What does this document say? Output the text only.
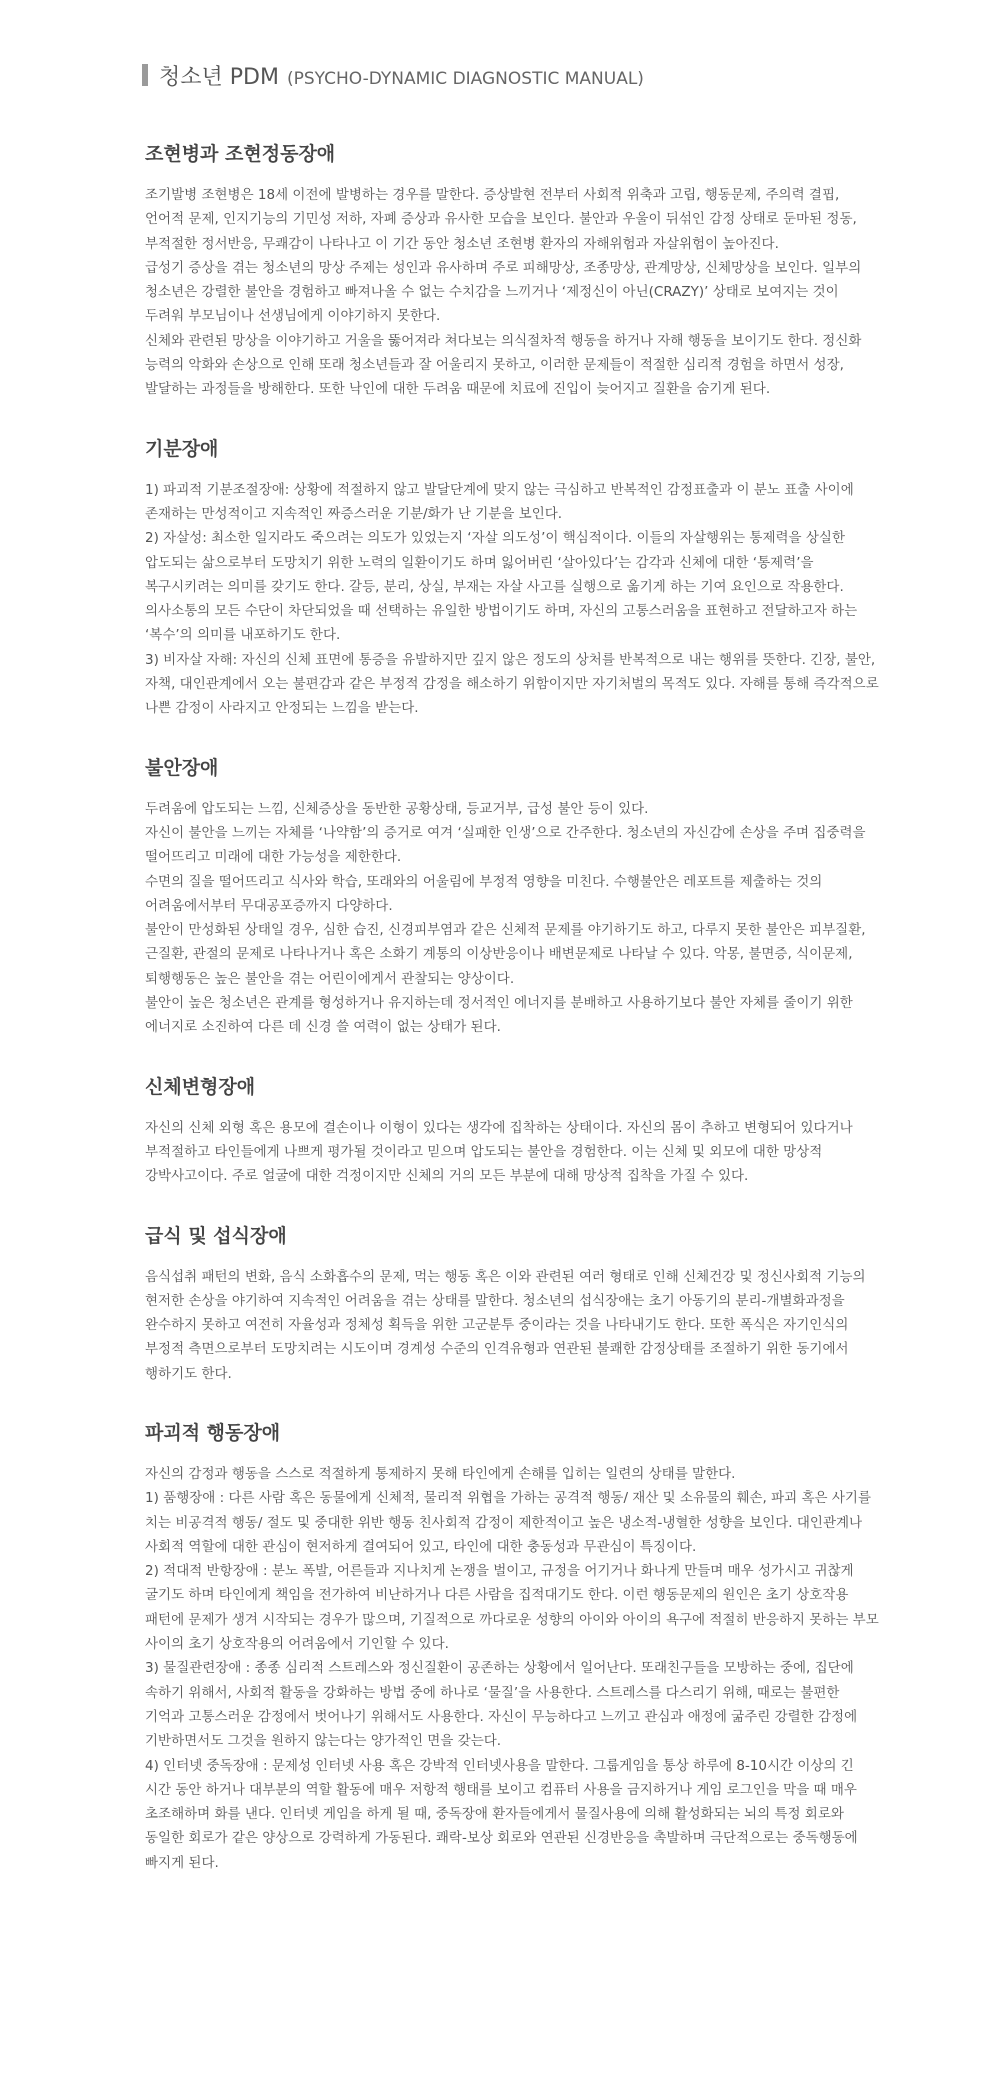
청소년 PDM (PSYCHO-DYNAMIC DIAGNOSTIC MANUAL)
조현병과 조현정동장애

조기발병 조현병은 18세 이전에 발병하는 경우를 말한다. 증상발현 전부터 사회적 위축과 고립, 행동문제, 주의력 결핍, 언어적 문제, 인지기능의 기민성 저하, 자폐 증상과 유사한 모습을 보인다. 불안과 우울이 뒤섞인 감정 상태로 둔마된 정동, 부적절한 정서반응, 무쾌감이 나타나고 이 기간 동안 청소년 조현병 환자의 자해위험과 자살위험이 높아진다.

급성기 증상을 겪는 청소년의 망상 주제는 성인과 유사하며 주로 피해망상, 조종망상, 관계망상, 신체망상을 보인다. 일부의 청소년은 강렬한 불안을 경험하고 빠져나올 수 없는 수치감을 느끼거나 ‘제정신이 아닌(CRAZY)’ 상태로 보여지는 것이 두려워 부모님이나 선생님에게 이야기하지 못한다.

신체와 관련된 망상을 이야기하고 거울을 뚫어져라 쳐다보는 의식절차적 행동을 하거나 자해 행동을 보이기도 한다. 정신화 능력의 악화와 손상으로 인해 또래 청소년들과 잘 어울리지 못하고, 이러한 문제들이 적절한 심리적 경험을 하면서 성장, 발달하는 과정들을 방해한다. 또한 낙인에 대한 두려움 때문에 치료에 진입이 늦어지고 질환을 숨기게 된다.

기분장애

1) 파괴적 기분조절장애: 상황에 적절하지 않고 발달단계에 맞지 않는 극심하고 반복적인 감정표출과 이 분노 표출 사이에 존재하는 만성적이고 지속적인 짜증스러운 기분/화가 난 기분을 보인다.

2) 자살성: 최소한 일지라도 죽으려는 의도가 있었는지 ‘자살 의도성’이 핵심적이다. 이들의 자살행위는 통제력을 상실한 압도되는 삶으로부터 도망치기 위한 노력의 일환이기도 하며 잃어버린 ‘살아있다’는 감각과 신체에 대한 ‘통제력’을 복구시키려는 의미를 갖기도 한다. 갈등, 분리, 상실, 부재는 자살 사고를 실행으로 옮기게 하는 기여 요인으로 작용한다.

의사소통의 모든 수단이 차단되었을 때 선택하는 유일한 방법이기도 하며, 자신의 고통스러움을 표현하고 전달하고자 하는 ‘복수’의 의미를 내포하기도 한다.

3) 비자살 자해: 자신의 신체 표면에 통증을 유발하지만 깊지 않은 정도의 상처를 반복적으로 내는 행위를 뜻한다. 긴장, 불안, 자책, 대인관계에서 오는 불편감과 같은 부정적 감정을 해소하기 위함이지만 자기처벌의 목적도 있다. 자해를 통해 즉각적으로 나쁜 감정이 사라지고 안정되는 느낌을 받는다.

불안장애

두려움에 압도되는 느낌, 신체증상을 동반한 공황상태, 등교거부, 급성 불안 등이 있다.

자신이 불안을 느끼는 자체를 ‘나약함’의 증거로 여겨 ‘실패한 인생’으로 간주한다. 청소년의 자신감에 손상을 주며 집중력을 떨어뜨리고 미래에 대한 가능성을 제한한다.

수면의 질을 떨어뜨리고 식사와 학습, 또래와의 어울림에 부정적 영향을 미친다. 수행불안은 레포트를 제출하는 것의 어려움에서부터 무대공포증까지 다양하다.

불안이 만성화된 상태일 경우, 심한 습진, 신경피부염과 같은 신체적 문제를 야기하기도 하고, 다루지 못한 불안은 피부질환, 근질환, 관절의 문제로 나타나거나 혹은 소화기 계통의 이상반응이나 배변문제로 나타날 수 있다. 악몽, 불면증, 식이문제, 퇴행행동은 높은 불안을 겪는 어린이에게서 관찰되는 양상이다.

불안이 높은 청소년은 관계를 형성하거나 유지하는데 정서적인 에너지를 분배하고 사용하기보다 불안 자체를 줄이기 위한 에너지로 소진하여 다른 데 신경 쓸 여력이 없는 상태가 된다.

신체변형장애

자신의 신체 외형 혹은 용모에 결손이나 이형이 있다는 생각에 집착하는 상태이다. 자신의 몸이 추하고 변형되어 있다거나 부적절하고 타인들에게 나쁘게 평가될 것이라고 믿으며 압도되는 불안을 경험한다. 이는 신체 및 외모에 대한 망상적 강박사고이다. 주로 얼굴에 대한 걱정이지만 신체의 거의 모든 부분에 대해 망상적 집착을 가질 수 있다.

급식 및 섭식장애

음식섭취 패턴의 변화, 음식 소화흡수의 문제, 먹는 행동 혹은 이와 관련된 여러 형태로 인해 신체건강 및 정신사회적 기능의 현저한 손상을 야기하여 지속적인 어려움을 겪는 상태를 말한다. 청소년의 섭식장애는 초기 아동기의 분리-개별화과정을 완수하지 못하고 여전히 자율성과 정체성 획득을 위한 고군분투 중이라는 것을 나타내기도 한다. 또한 폭식은 자기인식의 부정적 측면으로부터 도망치려는 시도이며 경계성 수준의 인격유형과 연관된 불쾌한 감정상태를 조절하기 위한 동기에서 행하기도 한다.

파괴적 행동장애

자신의 감정과 행동을 스스로 적절하게 통제하지 못해 타인에게 손해를 입히는 일련의 상태를 말한다.

1) 품행장애 : 다른 사람 혹은 동물에게 신체적, 물리적 위협을 가하는 공격적 행동/ 재산 및 소유물의 훼손, 파괴 혹은 사기를 치는 비공격적 행동/ 절도 및 중대한 위반 행동 친사회적 감정이 제한적이고 높은 냉소적-냉혈한 성향을 보인다. 대인관계나 사회적 역할에 대한 관심이 현저하게 결여되어 있고, 타인에 대한 충동성과 무관심이 특징이다.

2) 적대적 반항장애 : 분노 폭발, 어른들과 지나치게 논쟁을 벌이고, 규정을 어기거나 화나게 만들며 매우 성가시고 귀찮게 굴기도 하며 타인에게 책임을 전가하여 비난하거나 다른 사람을 집적대기도 한다. 이런 행동문제의 원인은 초기 상호작용 패턴에 문제가 생겨 시작되는 경우가 많으며, 기질적으로 까다로운 성향의 아이와 아이의 욕구에 적절히 반응하지 못하는 부모 사이의 초기 상호작용의 어려움에서 기인할 수 있다.

3) 물질관련장애 : 종종 심리적 스트레스와 정신질환이 공존하는 상황에서 일어난다. 또래친구들을 모방하는 중에, 집단에 속하기 위해서, 사회적 활동을 강화하는 방법 중에 하나로 ‘물질’을 사용한다. 스트레스를 다스리기 위해, 때로는 불편한 기억과 고통스러운 감정에서 벗어나기 위해서도 사용한다. 자신이 무능하다고 느끼고 관심과 애정에 굶주린 강렬한 감정에 기반하면서도 그것을 원하지 않는다는 양가적인 면을 갖는다.

4) 인터넷 중독장애 : 문제성 인터넷 사용 혹은 강박적 인터넷사용을 말한다. 그룹게임을 통상 하루에 8-10시간 이상의 긴 시간 동안 하거나 대부분의 역할 활동에 매우 저항적 행태를 보이고 컴퓨터 사용을 금지하거나 게임 로그인을 막을 때 매우 초조해하며 화를 낸다. 인터넷 게임을 하게 될 때, 중독장애 환자들에게서 물질사용에 의해 활성화되는 뇌의 특정 회로와 동일한 회로가 같은 양상으로 강력하게 가동된다. 쾌락-보상 회로와 연관된 신경반응을 촉발하며 극단적으로는 중독행동에 빠지게 된다.
